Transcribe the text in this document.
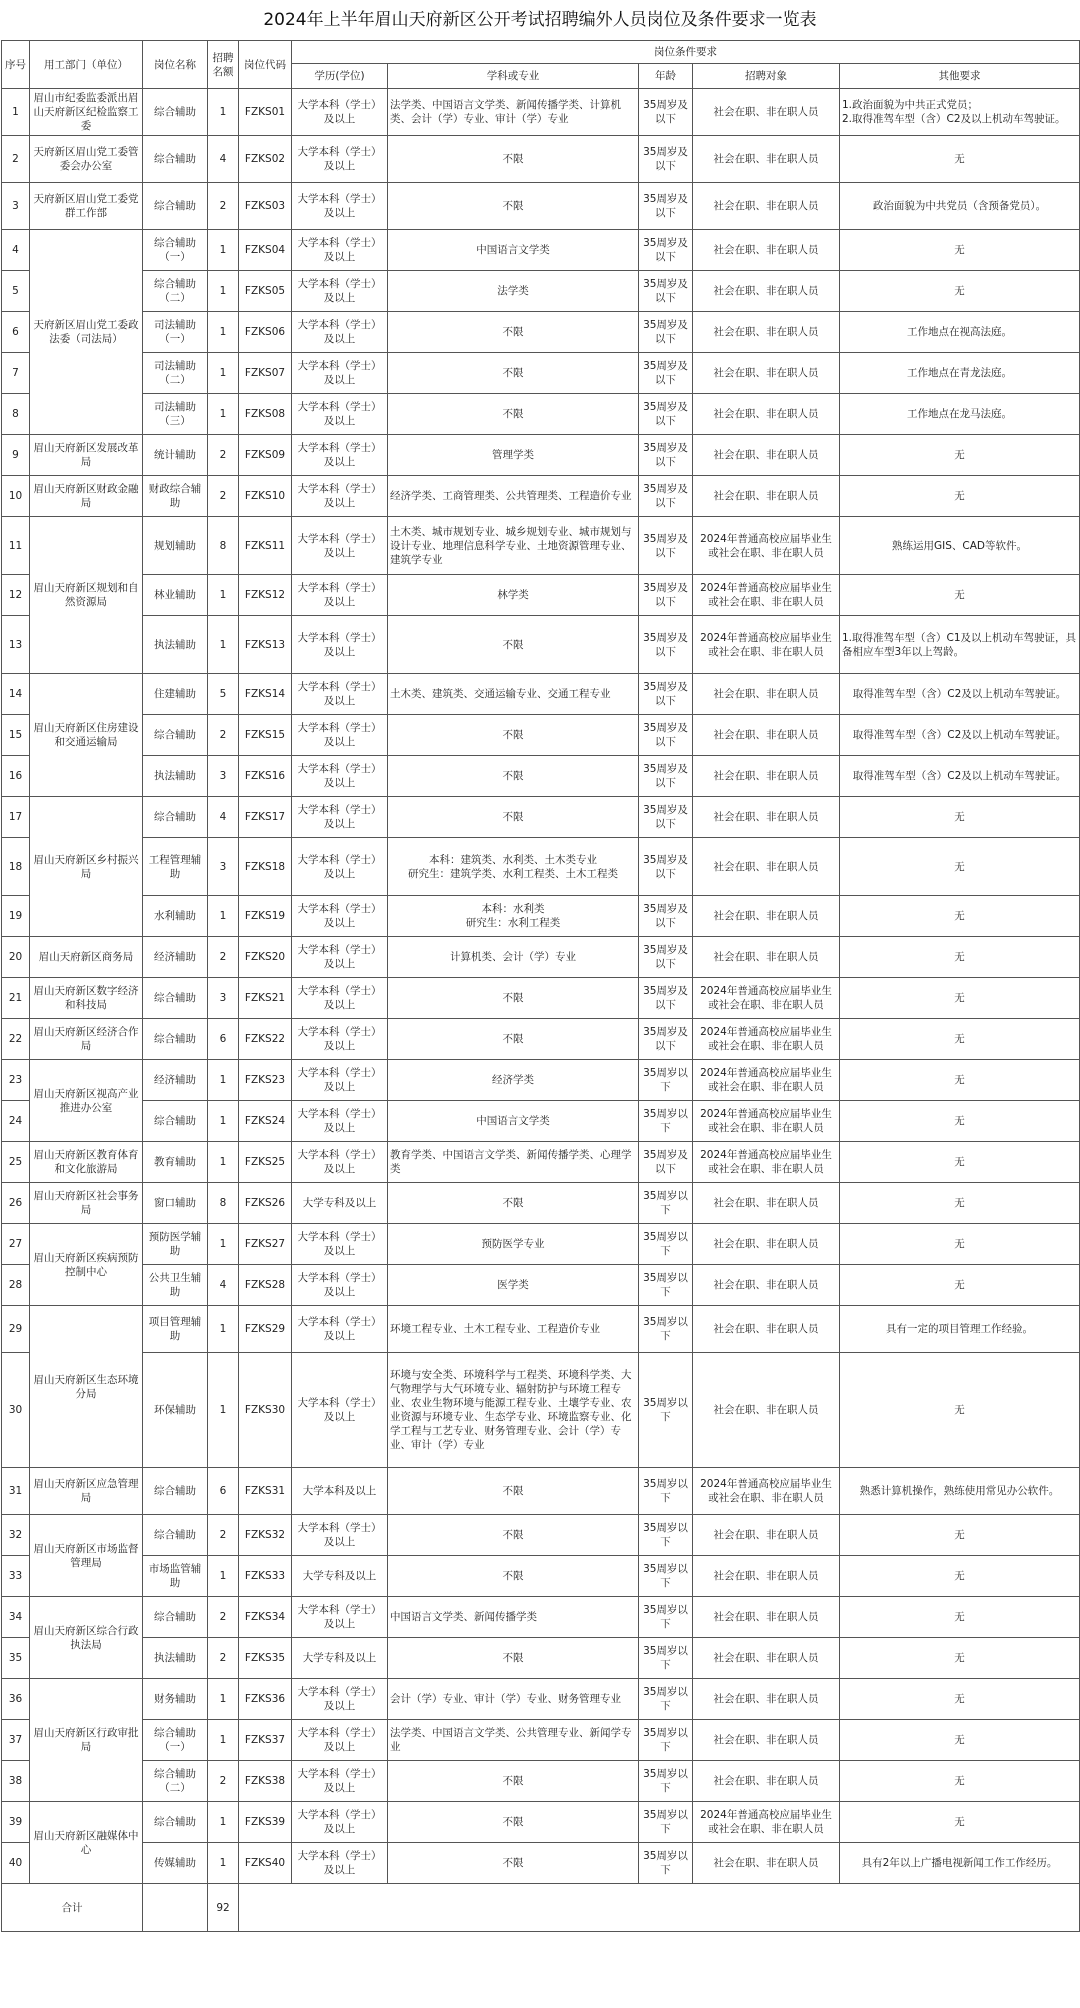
2024年上半年眉山天府新区公开考试招聘编外人员岗位及条件要求一览表
序号	用工部门（单位）	岗位名称	招聘名额	岗位代码	岗位条件要求				
					学历(学位)	学科或专业	年龄	招聘对象	其他要求
1	眉山市纪委监委派出眉山天府新区纪检监察工委	综合辅助	1	FZKS01	大学本科（学士）及以上	法学类、中国语言文学类、新闻传播学类、计算机类、会计（学）专业、审计（学）专业	35周岁及以下	社会在职、非在职人员	1.政治面貌为中共正式党员；
2.取得准驾车型（含）C2及以上机动车驾驶证。
2	天府新区眉山党工委管委会办公室	综合辅助	4	FZKS02	大学本科（学士）及以上	不限	35周岁及以下	社会在职、非在职人员	无
3	天府新区眉山党工委党群工作部	综合辅助	2	FZKS03	大学本科（学士）及以上	不限	35周岁及以下	社会在职、非在职人员	政治面貌为中共党员（含预备党员）。
4	天府新区眉山党工委政法委（司法局）	综合辅助（一）	1	FZKS04	大学本科（学士）及以上	中国语言文学类	35周岁及以下	社会在职、非在职人员	无
5		综合辅助（二）	1	FZKS05	大学本科（学士）及以上	法学类	35周岁及以下	社会在职、非在职人员	无
6		司法辅助（一）	1	FZKS06	大学本科（学士）及以上	不限	35周岁及以下	社会在职、非在职人员	工作地点在视高法庭。
7		司法辅助（二）	1	FZKS07	大学本科（学士）及以上	不限	35周岁及以下	社会在职、非在职人员	工作地点在青龙法庭。
8		司法辅助（三）	1	FZKS08	大学本科（学士）及以上	不限	35周岁及以下	社会在职、非在职人员	工作地点在龙马法庭。
9	眉山天府新区发展改革局	统计辅助	2	FZKS09	大学本科（学士）及以上	管理学类	35周岁及以下	社会在职、非在职人员	无
10	眉山天府新区财政金融局	财政综合辅助	2	FZKS10	大学本科（学士）及以上	经济学类、工商管理类、公共管理类、工程造价专业	35周岁及以下	社会在职、非在职人员	无
11	眉山天府新区规划和自然资源局	规划辅助	8	FZKS11	大学本科（学士）及以上	土木类、城市规划专业、城乡规划专业、城市规划与设计专业、地理信息科学专业、土地资源管理专业、建筑学专业	35周岁及以下	2024年普通高校应届毕业生或社会在职、非在职人员	熟练运用GIS、CAD等软件。
12		林业辅助	1	FZKS12	大学本科（学士）及以上	林学类	35周岁及以下	2024年普通高校应届毕业生或社会在职、非在职人员	无
13		执法辅助	1	FZKS13	大学本科（学士）及以上	不限	35周岁及以下	2024年普通高校应届毕业生或社会在职、非在职人员	1.取得准驾车型（含）C1及以上机动车驾驶证，具备相应车型3年以上驾龄。
14	眉山天府新区住房建设和交通运输局	住建辅助	5	FZKS14	大学本科（学士）及以上	土木类、建筑类、交通运输专业、交通工程专业	35周岁及以下	社会在职、非在职人员	取得准驾车型（含）C2及以上机动车驾驶证。
15		综合辅助	2	FZKS15	大学本科（学士）及以上	不限	35周岁及以下	社会在职、非在职人员	取得准驾车型（含）C2及以上机动车驾驶证。
16		执法辅助	3	FZKS16	大学本科（学士）及以上	不限	35周岁及以下	社会在职、非在职人员	取得准驾车型（含）C2及以上机动车驾驶证。
17	眉山天府新区乡村振兴局	综合辅助	4	FZKS17	大学本科（学士）及以上	不限	35周岁及以下	社会在职、非在职人员	无
18		工程管理辅助	3	FZKS18	大学本科（学士）及以上	本科：建筑类、水利类、土木类专业
研究生：建筑学类、水利工程类、土木工程类	35周岁及以下	社会在职、非在职人员	无
19		水利辅助	1	FZKS19	大学本科（学士）及以上	本科：水利类
研究生：水利工程类	35周岁及以下	社会在职、非在职人员	无
20	眉山天府新区商务局	经济辅助	2	FZKS20	大学本科（学士）及以上	计算机类、会计（学）专业	35周岁及以下	社会在职、非在职人员	无
21	眉山天府新区数字经济和科技局	综合辅助	3	FZKS21	大学本科（学士）及以上	不限	35周岁及以下	2024年普通高校应届毕业生或社会在职、非在职人员	无
22	眉山天府新区经济合作局	综合辅助	6	FZKS22	大学本科（学士）及以上	不限	35周岁及以下	2024年普通高校应届毕业生或社会在职、非在职人员	无
23	眉山天府新区视高产业推进办公室	经济辅助	1	FZKS23	大学本科（学士）及以上	经济学类	35周岁以下	2024年普通高校应届毕业生或社会在职、非在职人员	无
24		综合辅助	1	FZKS24	大学本科（学士）及以上	中国语言文学类	35周岁以下	2024年普通高校应届毕业生或社会在职、非在职人员	无
25	眉山天府新区教育体育和文化旅游局	教育辅助	1	FZKS25	大学本科（学士）及以上	教育学类、中国语言文学类、新闻传播学类、心理学类	35周岁及以下	2024年普通高校应届毕业生或社会在职、非在职人员	无
26	眉山天府新区社会事务局	窗口辅助	8	FZKS26	大学专科及以上	不限	35周岁以下	社会在职、非在职人员	无
27	眉山天府新区疾病预防控制中心	预防医学辅助	1	FZKS27	大学本科（学士）及以上	预防医学专业	35周岁以下	社会在职、非在职人员	无
28		公共卫生辅助	4	FZKS28	大学本科（学士）及以上	医学类	35周岁以下	社会在职、非在职人员	无
29	眉山天府新区生态环境分局	项目管理辅助	1	FZKS29	大学本科（学士）及以上	环境工程专业、土木工程专业、工程造价专业	35周岁以下	社会在职、非在职人员	具有一定的项目管理工作经验。
30		环保辅助	1	FZKS30	大学本科（学士）及以上	环境与安全类、环境科学与工程类、环境科学类、大气物理学与大气环境专业、辐射防护与环境工程专业、农业生物环境与能源工程专业、土壤学专业、农业资源与环境专业、生态学专业、环境监察专业、化学工程与工艺专业、财务管理专业、会计（学）专业、审计（学）专业	35周岁以下	社会在职、非在职人员	无
31	眉山天府新区应急管理局	综合辅助	6	FZKS31	大学本科及以上	不限	35周岁以下	2024年普通高校应届毕业生或社会在职、非在职人员	熟悉计算机操作，熟练使用常见办公软件。
32	眉山天府新区市场监督管理局	综合辅助	2	FZKS32	大学本科（学士）及以上	不限	35周岁以下	社会在职、非在职人员	无
33		市场监管辅助	1	FZKS33	大学专科及以上	不限	35周岁以下	社会在职、非在职人员	无
34	眉山天府新区综合行政执法局	综合辅助	2	FZKS34	大学本科（学士）及以上	中国语言文学类、新闻传播学类	35周岁以下	社会在职、非在职人员	无
35		执法辅助	2	FZKS35	大学专科及以上	不限	35周岁以下	社会在职、非在职人员	无
36	眉山天府新区行政审批局	财务辅助	1	FZKS36	大学本科（学士）及以上	会计（学）专业、审计（学）专业、财务管理专业	35周岁以下	社会在职、非在职人员	无
37		综合辅助（一）	1	FZKS37	大学本科（学士）及以上	法学类、中国语言文学类、公共管理专业、新闻学专业	35周岁以下	社会在职、非在职人员	无
38		综合辅助（二）	2	FZKS38	大学本科（学士）及以上	不限	35周岁以下	社会在职、非在职人员	无
39	眉山天府新区融媒体中心	综合辅助	1	FZKS39	大学本科（学士）及以上	不限	35周岁以下	2024年普通高校应届毕业生或社会在职、非在职人员	无
40		传媒辅助	1	FZKS40	大学本科（学士）及以上	不限	35周岁以下	社会在职、非在职人员	具有2年以上广播电视新闻工作工作经历。
合计			92						
